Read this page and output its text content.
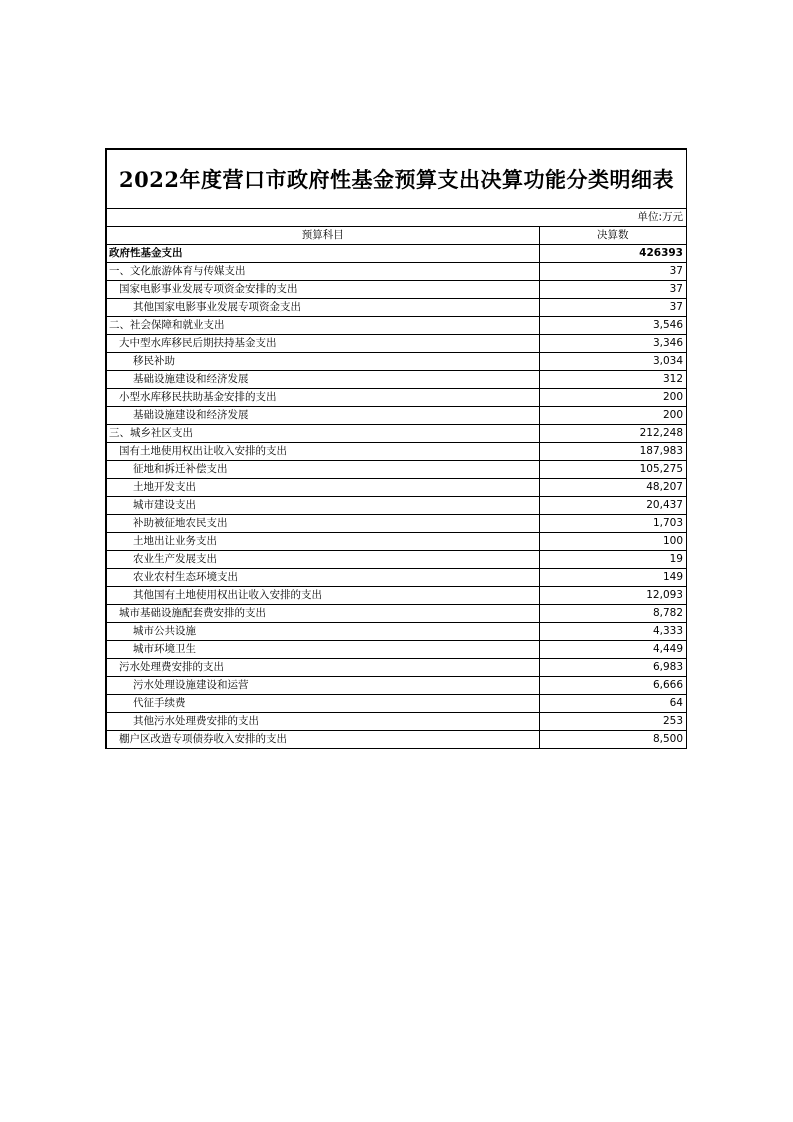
2022年度营口市政府性基金预算支出决算功能分类明细表
单位:万元
预算科目	决算数
政府性基金支出	426393
一、文化旅游体育与传媒支出	37
国家电影事业发展专项资金安排的支出	37
其他国家电影事业发展专项资金支出	37
二、社会保障和就业支出	3,546
大中型水库移民后期扶持基金支出	3,346
移民补助	3,034
基础设施建设和经济发展	312
小型水库移民扶助基金安排的支出	200
基础设施建设和经济发展	200
三、城乡社区支出	212,248
国有土地使用权出让收入安排的支出	187,983
征地和拆迁补偿支出	105,275
土地开发支出	48,207
城市建设支出	20,437
补助被征地农民支出	1,703
土地出让业务支出	100
农业生产发展支出	19
农业农村生态环境支出	149
其他国有土地使用权出让收入安排的支出	12,093
城市基础设施配套费安排的支出	8,782
城市公共设施	4,333
城市环境卫生	4,449
污水处理费安排的支出	6,983
污水处理设施建设和运营	6,666
代征手续费	64
其他污水处理费安排的支出	253
棚户区改造专项债券收入安排的支出	8,500
